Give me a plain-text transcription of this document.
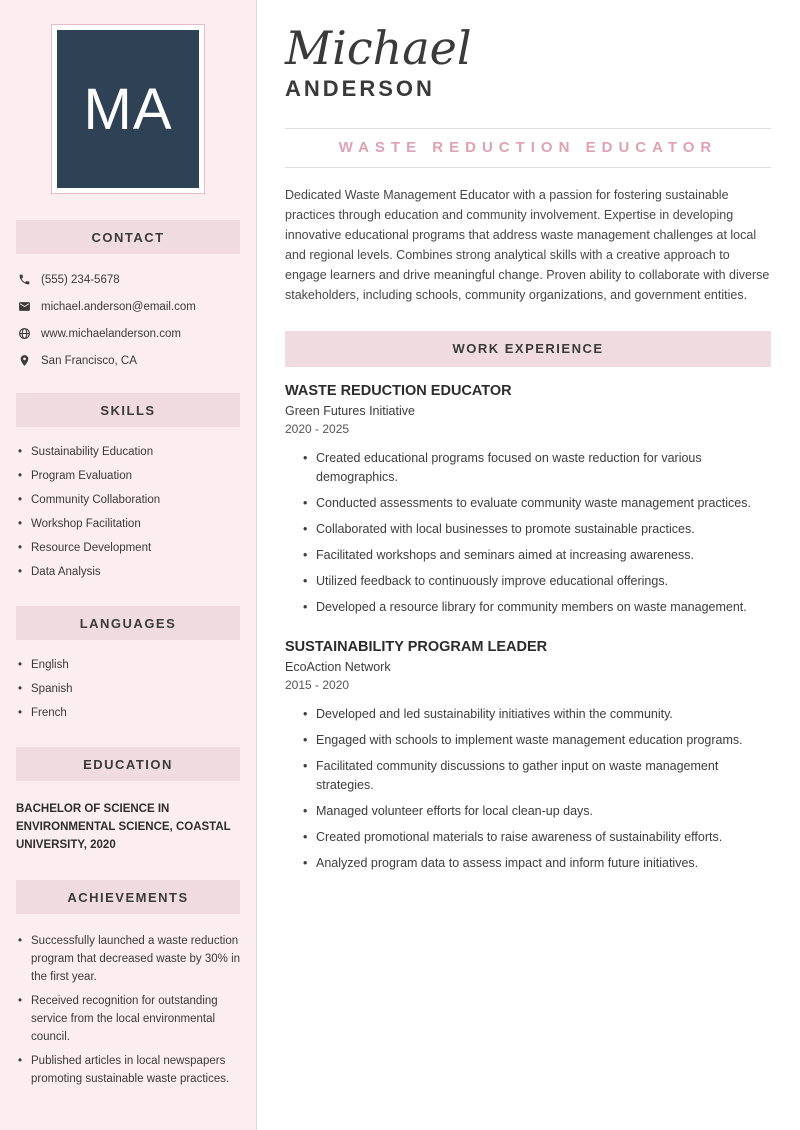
MA
CONTACT
(555) 234-5678
michael.anderson@email.com
www.michaelanderson.com
San Francisco, CA
SKILLS
• Sustainability Education
• Program Evaluation
• Community Collaboration
• Workshop Facilitation
• Resource Development
• Data Analysis
LANGUAGES
• English
• Spanish
• French
EDUCATION
BACHELOR OF SCIENCE IN ENVIRONMENTAL SCIENCE, COASTAL UNIVERSITY, 2020
ACHIEVEMENTS
• Successfully launched a waste reduction program that decreased waste by 30% in the first year.
• Received recognition for outstanding service from the local environmental council.
• Published articles in local newspapers promoting sustainable waste practices.
Michael
ANDERSON
WASTE REDUCTION EDUCATOR

Dedicated Waste Management Educator with a passion for fostering sustainable practices through education and community involvement. Expertise in developing innovative educational programs that address waste management challenges at local and regional levels. Combines strong analytical skills with a creative approach to engage learners and drive meaningful change. Proven ability to collaborate with diverse stakeholders, including schools, community organizations, and government entities.

WORK EXPERIENCE
WASTE REDUCTION EDUCATOR
Green Futures Initiative
2020 - 2025
• Created educational programs focused on waste reduction for various demographics.
• Conducted assessments to evaluate community waste management practices.
• Collaborated with local businesses to promote sustainable practices.
• Facilitated workshops and seminars aimed at increasing awareness.
• Utilized feedback to continuously improve educational offerings.
• Developed a resource library for community members on waste management.
SUSTAINABILITY PROGRAM LEADER
EcoAction Network
2015 - 2020
• Developed and led sustainability initiatives within the community.
• Engaged with schools to implement waste management education programs.
• Facilitated community discussions to gather input on waste management strategies.
• Managed volunteer efforts for local clean-up days.
• Created promotional materials to raise awareness of sustainability efforts.
• Analyzed program data to assess impact and inform future initiatives.
